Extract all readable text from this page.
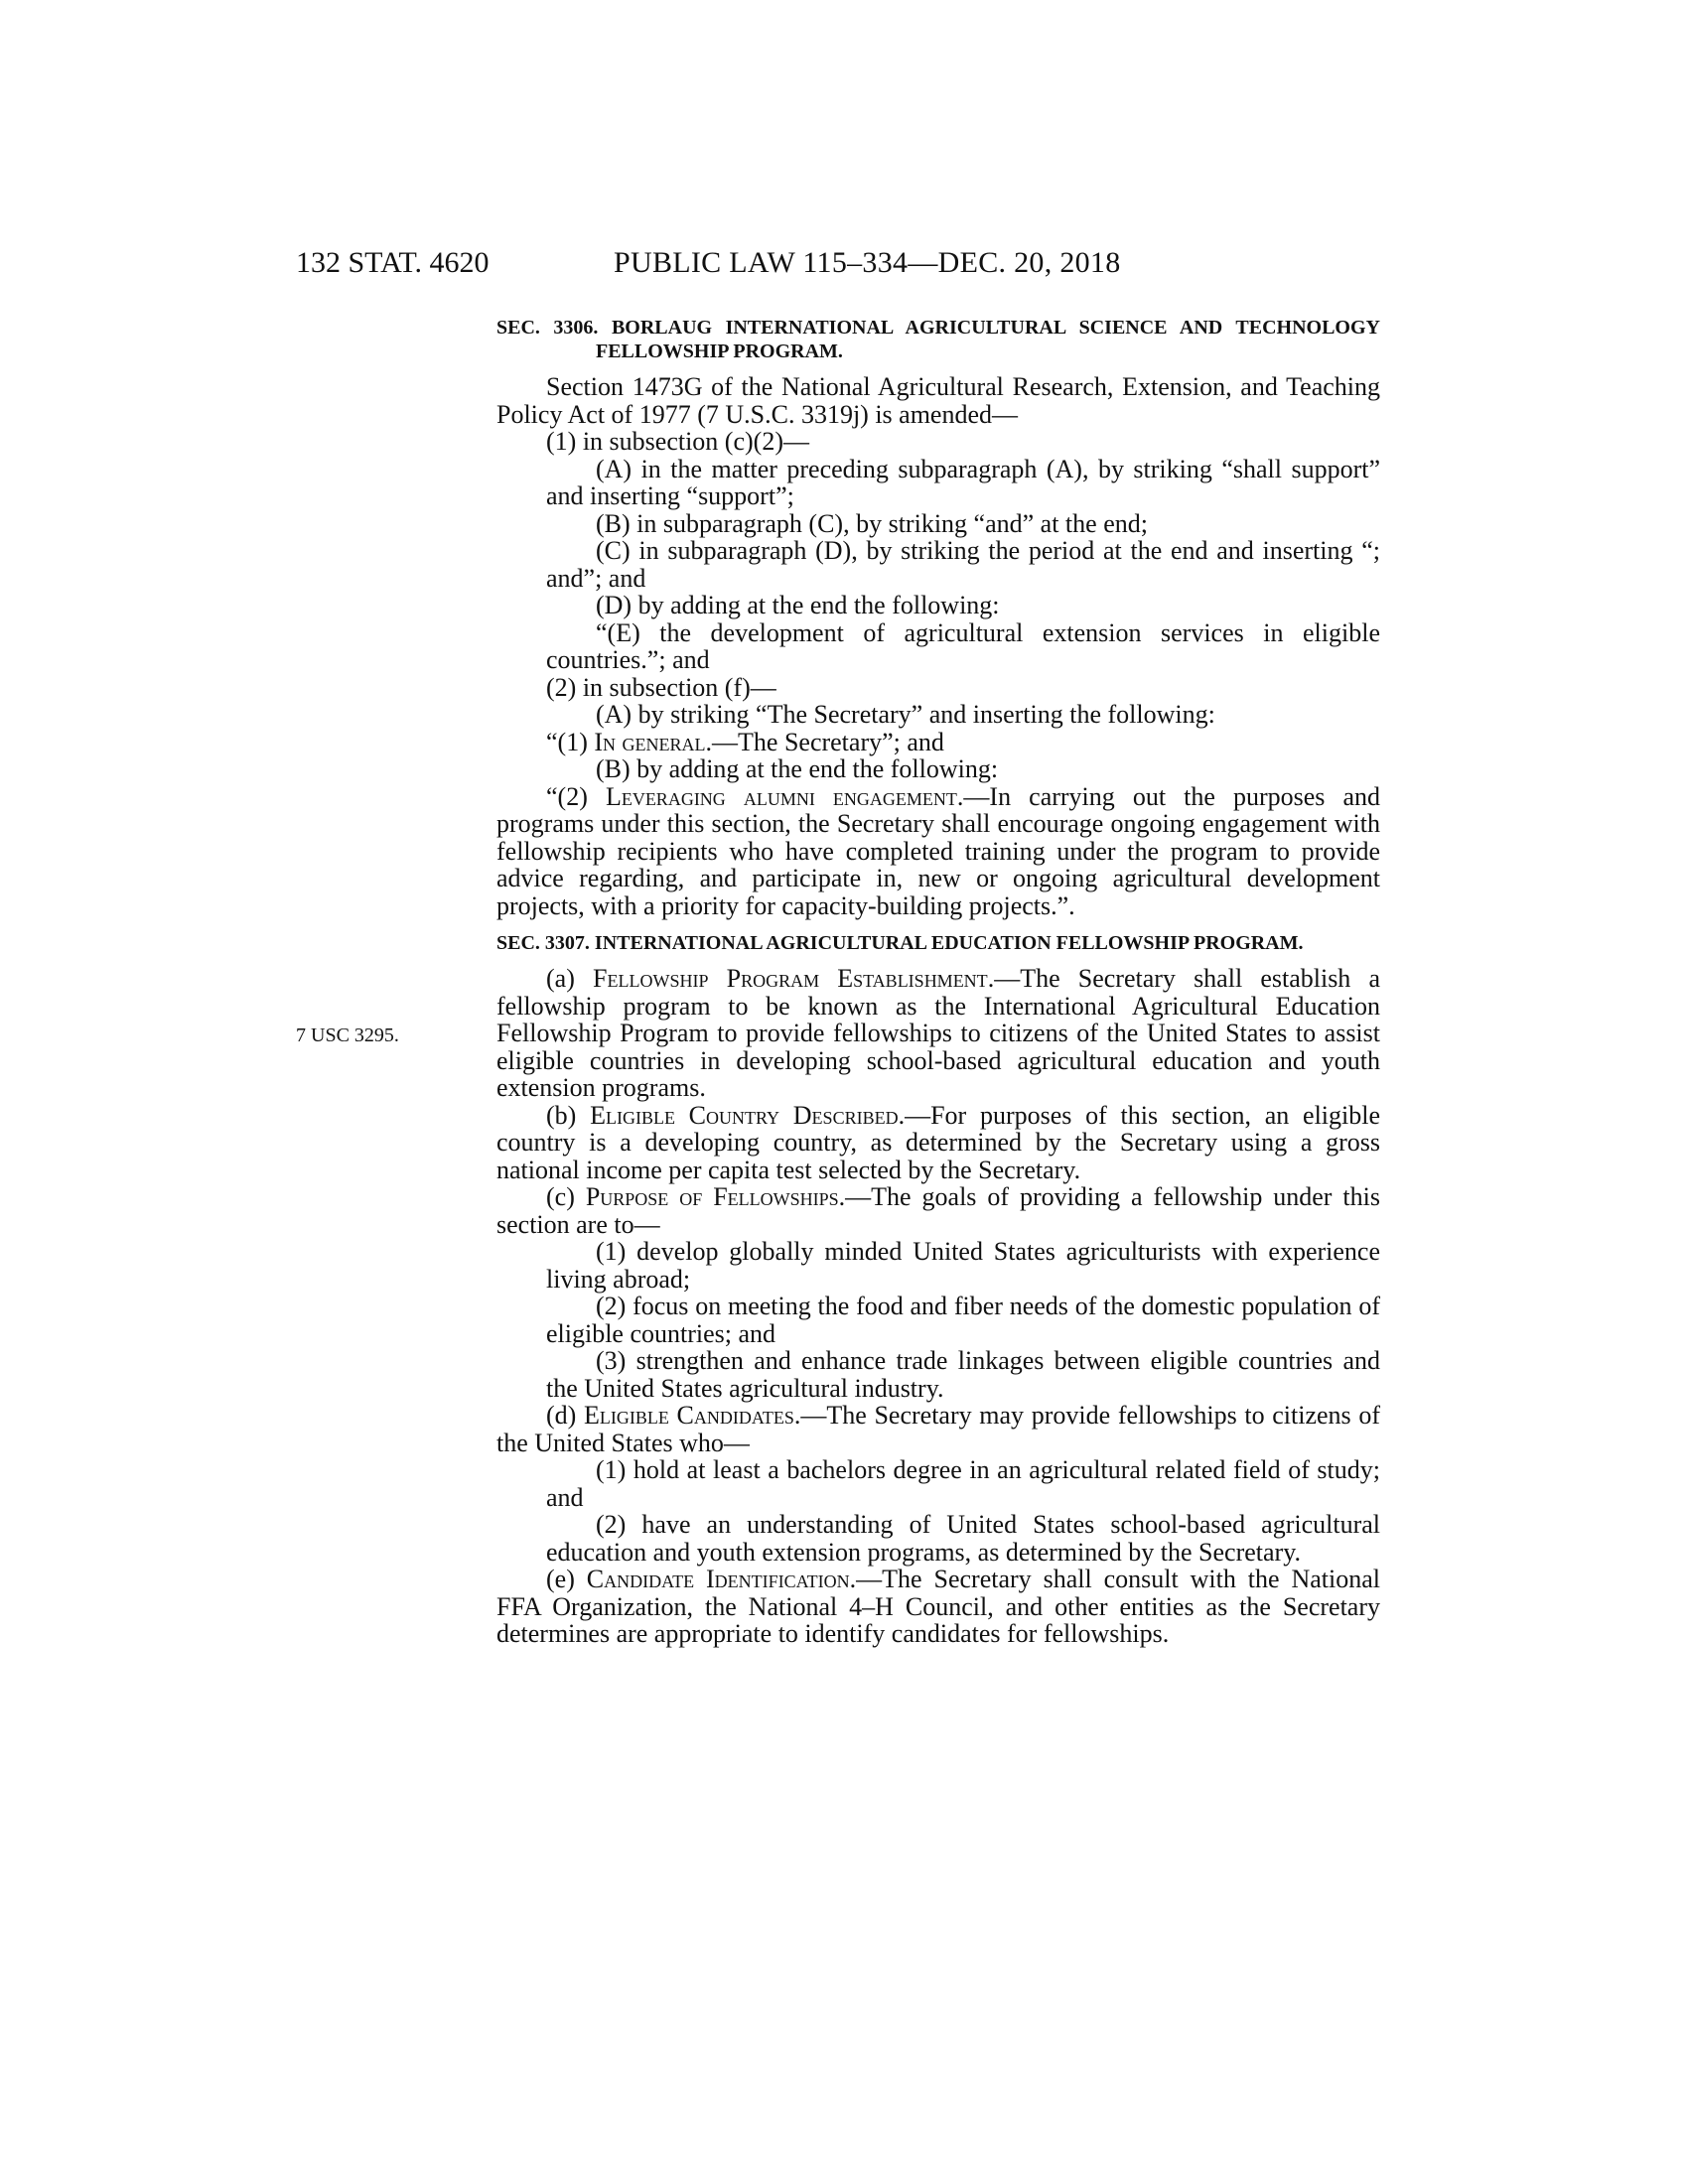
132 STAT. 4620	PUBLIC LAW 115–334—DEC. 20, 2018
7 USC 3295.
SEC. 3306. BORLAUG INTERNATIONAL AGRICULTURAL SCIENCE AND TECHNOLOGY FELLOWSHIP PROGRAM.

Section 1473G of the National Agricultural Research, Extension, and Teaching Policy Act of 1977 (7 U.S.C. 3319j) is amended—

(1) in subsection (c)(2)—

(A) in the matter preceding subparagraph (A), by striking “shall support” and inserting “support”;

(B) in subparagraph (C), by striking “and” at the end;

(C) in subparagraph (D), by striking the period at the end and inserting “; and”; and

(D) by adding at the end the following:

“(E) the development of agricultural extension services in eligible countries.”; and

(2) in subsection (f)—

(A) by striking “The Secretary” and inserting the following:

“(1) In general.—The Secretary”; and

(B) by adding at the end the following:

“(2) Leveraging alumni engagement.—In carrying out the purposes and programs under this section, the Secretary shall encourage ongoing engagement with fellowship recipients who have completed training under the program to provide advice regarding, and participate in, new or ongoing agricultural development projects, with a priority for capacity-building projects.”.

SEC. 3307. INTERNATIONAL AGRICULTURAL EDUCATION FELLOWSHIP PROGRAM.

(a) Fellowship Program Establishment.—The Secretary shall establish a fellowship program to be known as the International Agricultural Education Fellowship Program to provide fellowships to citizens of the United States to assist eligible countries in developing school-based agricultural education and youth extension programs.

(b) Eligible Country Described.—For purposes of this section, an eligible country is a developing country, as determined by the Secretary using a gross national income per capita test selected by the Secretary.

(c) Purpose of Fellowships.—The goals of providing a fellowship under this section are to—

(1) develop globally minded United States agriculturists with experience living abroad;

(2) focus on meeting the food and fiber needs of the domestic population of eligible countries; and

(3) strengthen and enhance trade linkages between eligible countries and the United States agricultural industry.

(d) Eligible Candidates.—The Secretary may provide fellowships to citizens of the United States who—

(1) hold at least a bachelors degree in an agricultural related field of study; and

(2) have an understanding of United States school-based agricultural education and youth extension programs, as determined by the Secretary.

(e) Candidate Identification.—The Secretary shall consult with the National FFA Organization, the National 4–H Council, and other entities as the Secretary determines are appropriate to identify candidates for fellowships.
